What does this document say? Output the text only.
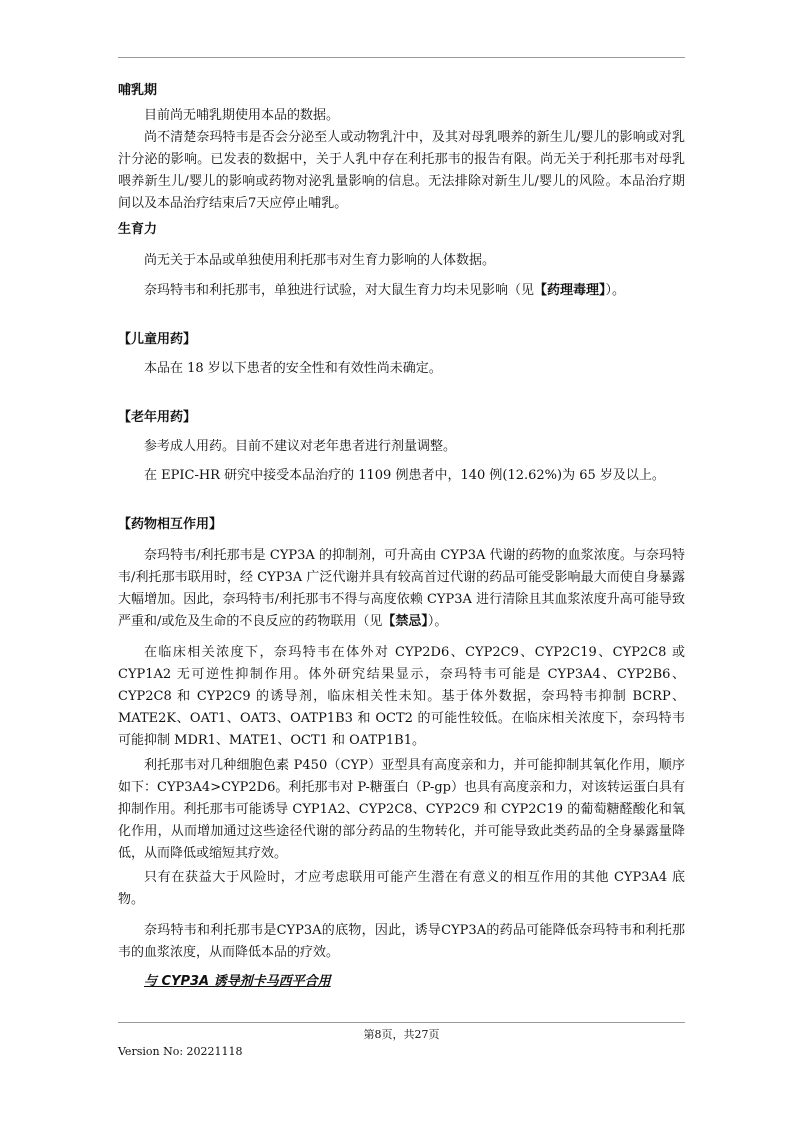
哺乳期

目前尚无哺乳期使用本品的数据。

尚不清楚奈玛特韦是否会分泌至人或动物乳汁中，及其对母乳喂养的新生儿/婴儿的影响或对乳汁分泌的影响。已发表的数据中，关于人乳中存在利托那韦的报告有限。尚无关于利托那韦对母乳喂养新生儿/婴儿的影响或药物对泌乳量影响的信息。无法排除对新生儿/婴儿的风险。本品治疗期间以及本品治疗结束后7天应停止哺乳。

生育力

尚无关于本品或单独使用利托那韦对生育力影响的人体数据。

奈玛特韦和利托那韦，单独进行试验，对大鼠生育力均未见影响（见【药理毒理】）。

【儿童用药】

本品在 18 岁以下患者的安全性和有效性尚未确定。

【老年用药】

参考成人用药。目前不建议对老年患者进行剂量调整。

在 EPIC-HR 研究中接受本品治疗的 1109 例患者中，140 例(12.62%)为 65 岁及以上。

【药物相互作用】

奈玛特韦/利托那韦是 CYP3A 的抑制剂，可升高由 CYP3A 代谢的药物的血浆浓度。与奈玛特韦/利托那韦联用时，经 CYP3A 广泛代谢并具有较高首过代谢的药品可能受影响最大而使自身暴露大幅增加。因此，奈玛特韦/利托那韦不得与高度依赖 CYP3A 进行清除且其血浆浓度升高可能导致严重和/或危及生命的不良反应的药物联用（见【禁忌】）。

在临床相关浓度下，奈玛特韦在体外对 CYP2D6、CYP2C9、CYP2C19、CYP2C8 或 CYP1A2 无可逆性抑制作用。体外研究结果显示，奈玛特韦可能是 CYP3A4、CYP2B6、CYP2C8 和 CYP2C9 的诱导剂，临床相关性未知。基于体外数据，奈玛特韦抑制 BCRP、MATE2K、OAT1、OAT3、OATP1B3 和 OCT2 的可能性较低。在临床相关浓度下，奈玛特韦可能抑制 MDR1、MATE1、OCT1 和 OATP1B1。

利托那韦对几种细胞色素 P450（CYP）亚型具有高度亲和力，并可能抑制其氧化作用，顺序如下：CYP3A4>CYP2D6。利托那韦对 P-糖蛋白（P-gp）也具有高度亲和力，对该转运蛋白具有抑制作用。利托那韦可能诱导 CYP1A2、CYP2C8、CYP2C9 和 CYP2C19 的葡萄糖醛酸化和氧化作用，从而增加通过这些途径代谢的部分药品的生物转化，并可能导致此类药品的全身暴露量降低，从而降低或缩短其疗效。

只有在获益大于风险时，才应考虑联用可能产生潜在有意义的相互作用的其他 CYP3A4 底物。

奈玛特韦和利托那韦是CYP3A的底物，因此，诱导CYP3A的药品可能降低奈玛特韦和利托那韦的血浆浓度，从而降低本品的疗效。

与 CYP3A 诱导剂卡马西平合用
第8页，共27页
Version No: 20221118
